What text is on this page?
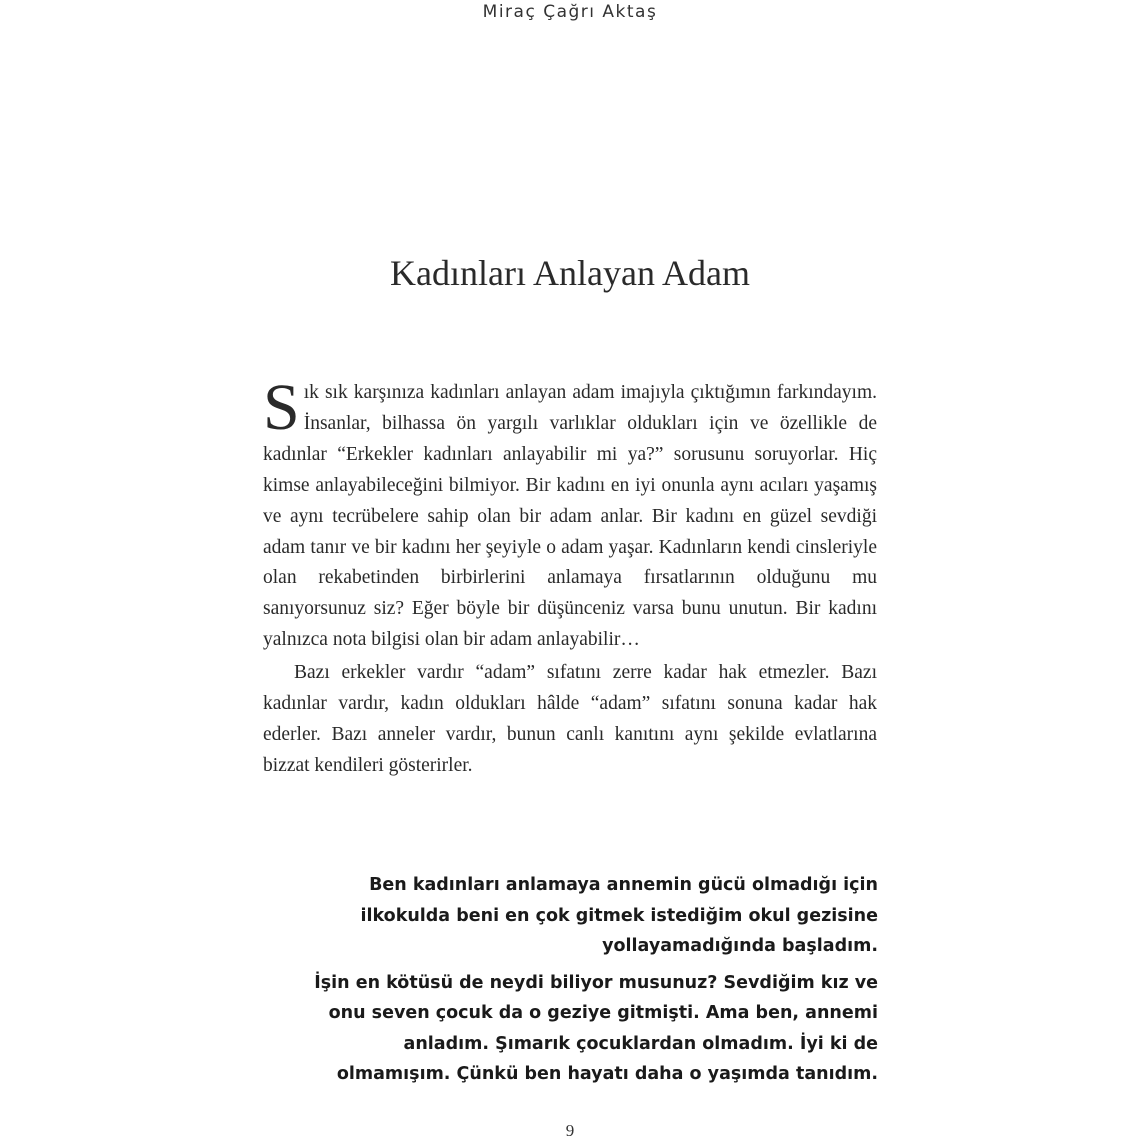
Miraç Çağrı Aktaş
Kadınları Anlayan Adam

Sık sık karşınıza kadınları anlayan adam imajıyla çıktığımın farkındayım. İnsanlar, bilhassa ön yargılı varlıklar oldukları için ve özellikle de kadınlar “Erkekler kadınları anlayabilir mi ya?” sorusunu soruyorlar. Hiç kimse anlayabileceğini bilmiyor. Bir kadını en iyi onunla aynı acıları yaşamış ve aynı tecrübelere sahip olan bir adam anlar. Bir kadını en güzel sevdiği adam tanır ve bir kadını her şeyiyle o adam yaşar. Kadınların kendi cinsleriyle olan rekabetinden birbirlerini anlamaya fırsatlarının olduğunu mu sanıyorsunuz siz? Eğer böyle bir düşünceniz varsa bunu unutun. Bir kadını yalnızca nota bilgisi olan bir adam anlayabilir…

Bazı erkekler vardır “adam” sıfatını zerre kadar hak etmezler. Bazı kadınlar vardır, kadın oldukları hâlde “adam” sıfatını sonuna kadar hak ederler. Bazı anneler vardır, bunun canlı kanıtını aynı şekilde evlatlarına bizzat kendileri gösterirler.

Ben kadınları anlamaya annemin gücü olmadığı için ilkokulda beni en çok gitmek istediğim okul gezisine yollayamadığında başladım.

İşin en kötüsü de neydi biliyor musunuz? Sevdiğim kız ve onu seven çocuk da o geziye gitmişti. Ama ben, annemi anladım. Şımarık çocuklardan olmadım. İyi ki de olmamışım. Çünkü ben hayatı daha o yaşımda tanıdım.

9
